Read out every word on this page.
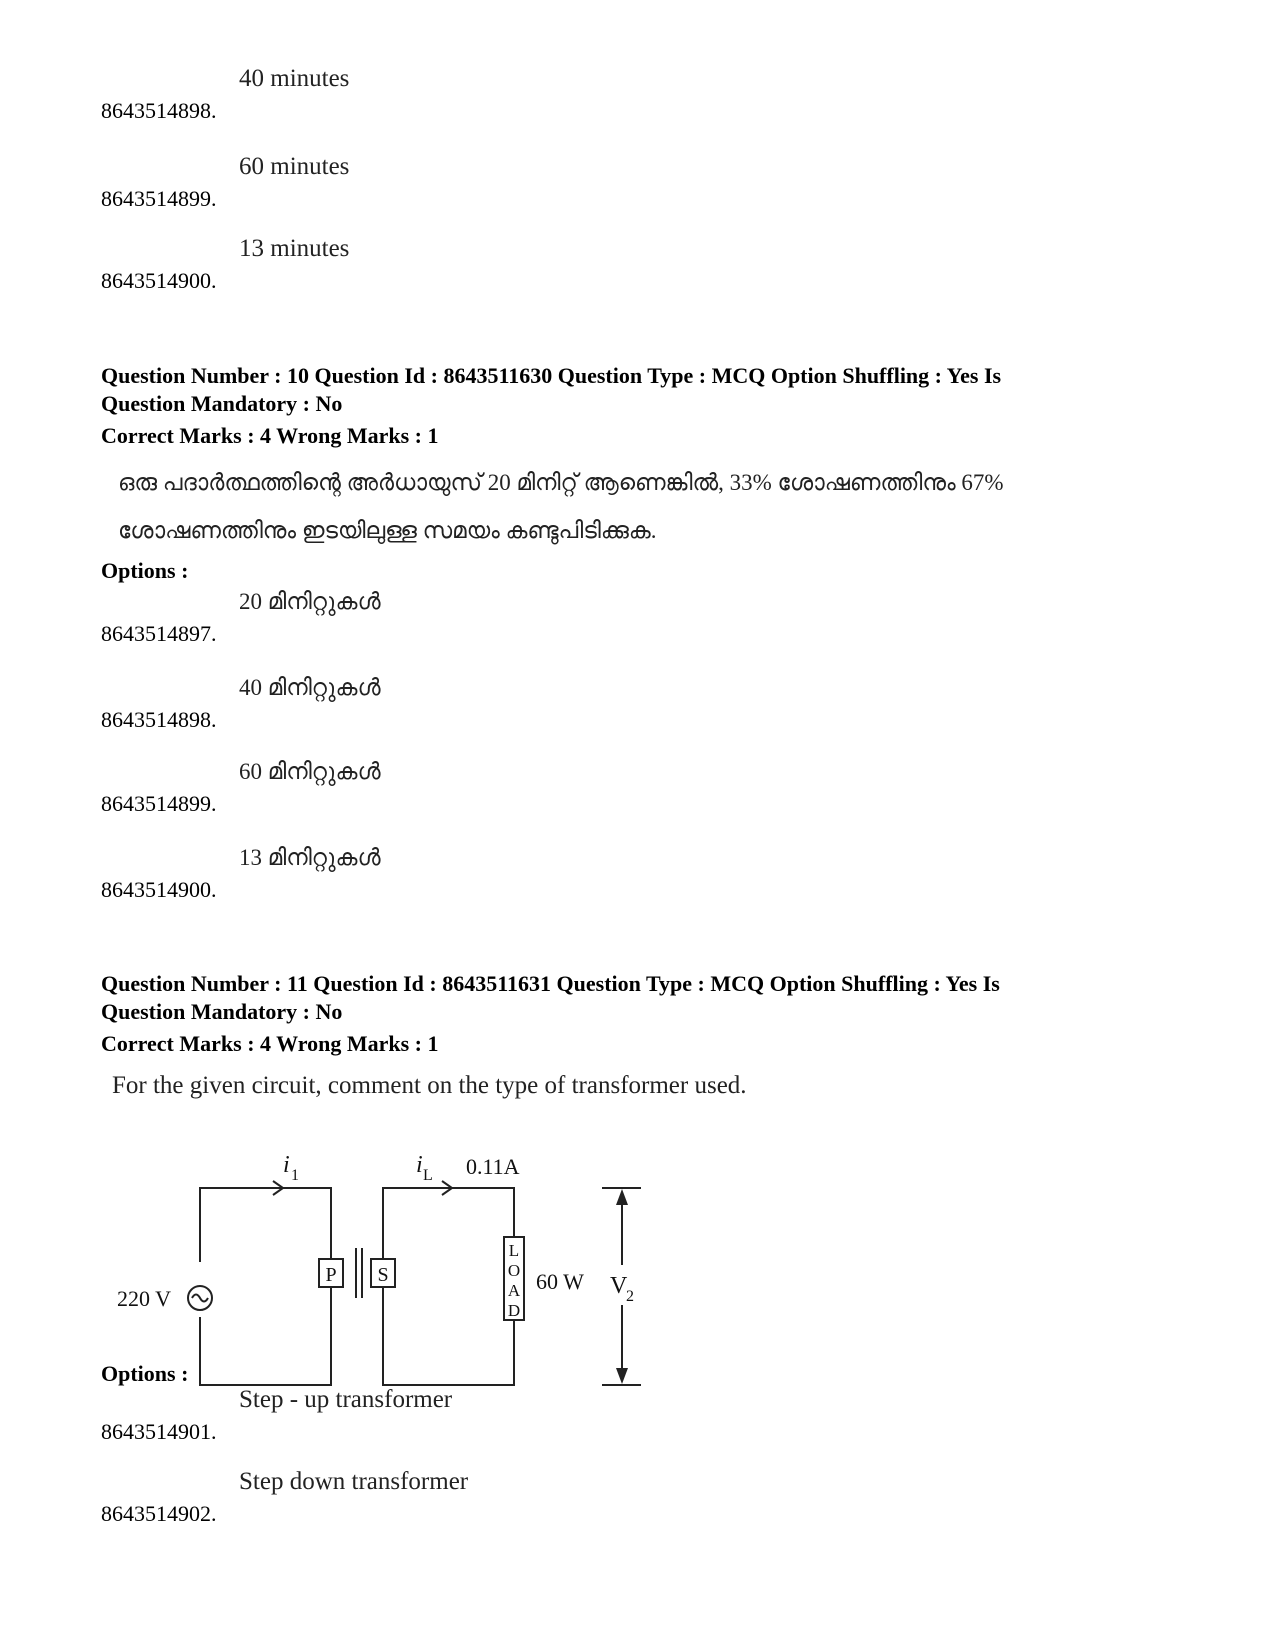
8643514898.
40 minutes
8643514899.
60 minutes
8643514900.
13 minutes
Question Number : 10 Question Id : 8643511630 Question Type : MCQ Option Shuffling : Yes Is
Question Mandatory : No
Correct Marks : 4 Wrong Marks : 1
ഒരു പദാർത്ഥത്തിന്റെ അർധായുസ് 20 മിനിറ്റ് ആണെങ്കിൽ, 33% ശോഷണത്തിനും 67%
ശോഷണത്തിനും ഇടയിലുള്ള സമയം കണ്ടുപിടിക്കുക.
Options :
8643514897.
20 മിനിറ്റുകൾ
8643514898.
40 മിനിറ്റുകൾ
8643514899.
60 മിനിറ്റുകൾ
8643514900.
13 മിനിറ്റുകൾ
Question Number : 11 Question Id : 8643511631 Question Type : MCQ Option Shuffling : Yes Is
Question Mandatory : No
Correct Marks : 4 Wrong Marks : 1
For the given circuit, comment on the type of transformer used.
i 1	i L 0.11A
220 V
P S
L
O
A
D
60 W V
2
Options :
8643514901.
Step - up transformer
8643514902.
Step down transformer
